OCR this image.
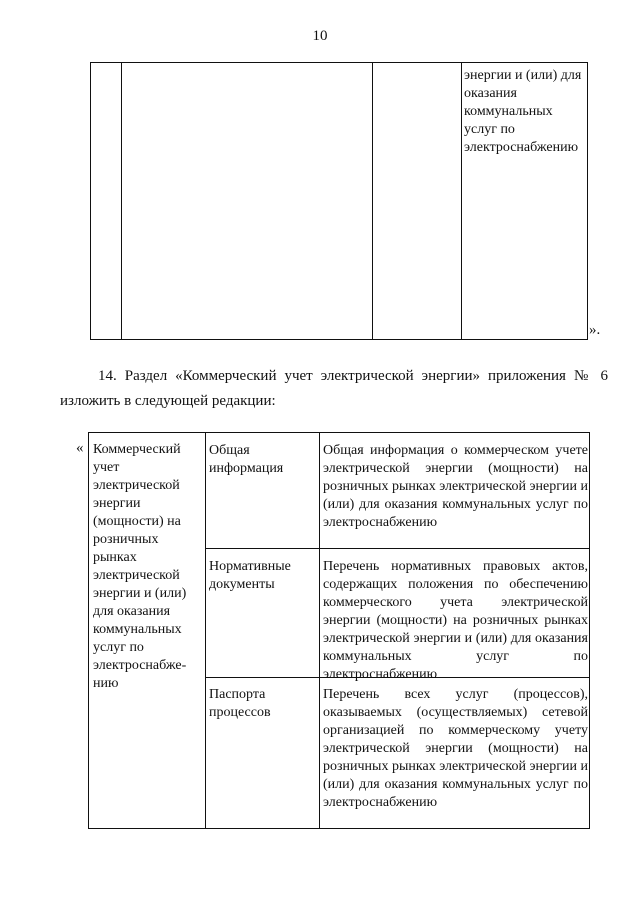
10
энергии и (или) для
оказания
коммунальных
услуг по
электроснабжению
».
14. Раздел «Коммерческий учет электрической энергии» приложения № 6
изложить в следующей редакции:
« Коммерческий
учет
электрической
энергии
(мощности) на
розничных
рынках
электрической
энергии и (или)
для оказания
коммунальных
услуг по
электроснабже-
нию
Общая
информация
Общая информация о коммерческом учете электрической энергии (мощности) на розничных рынках электрической энергии и (или) для оказания коммунальных услуг по
электроснабжению
Нормативные
документы
Перечень нормативных правовых актов, содержащих положения по обеспечению коммерческого учета электрической энергии (мощности) на розничных рынках электрической энергии и (или) для оказания коммунальных услуг по
электроснабжению
Паспорта
процессов
Перечень всех услуг (процессов), оказываемых (осуществляемых) сетевой организацией по коммерческому учету электрической энергии (мощности) на розничных рынках электрической энергии и (или) для оказания коммунальных услуг по
электроснабжению
